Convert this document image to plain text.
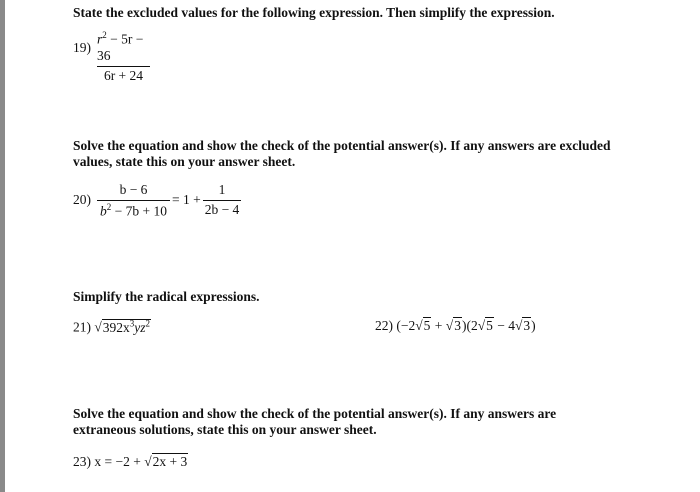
State the excluded values for the following expression. Then simplify the expression.
19)
$r^2 - 5r - 36$
6r + 24
Solve the equation and show the check of the potential answer(s). If any answers are excluded
values, state this on your answer sheet.
20)
b − 6
$b^2 - 7b + 10$
= 1 +
1
2b − 4
Simplify the radical expressions.
21) $√392x^3yz^2$	22) (−2√5 + √3)(2√5 − 4√3)
Solve the equation and show the check of the potential answer(s). If any answers are
extraneous solutions, state this on your answer sheet.
23) x = −2 + √2x + 3
